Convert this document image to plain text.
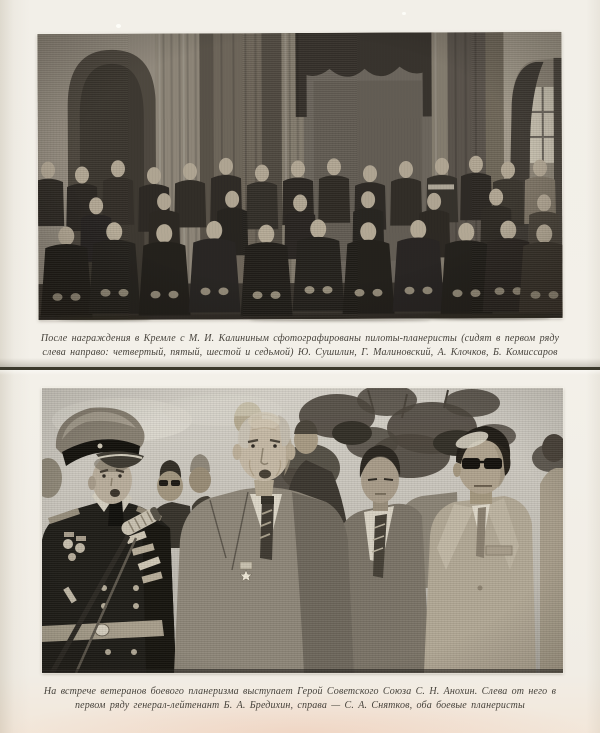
После награждения в Кремле с М. И. Калининым сфотографированы пилоты-планеристы (сидят в первом ряду
слева направо: четвертый, пятый, шестой и седьмой) Ю. Сушилин, Г. Малиновский, А. Клочков, Б. Комиссаров
На встрече ветеранов боевого планеризма выступает Герой Советского Союза С. Н. Анохин. Слева от него в
первом ряду генерал-лейтенант Б. А. Бредихин, справа — С. А. Снятков, оба боевые планеристы
